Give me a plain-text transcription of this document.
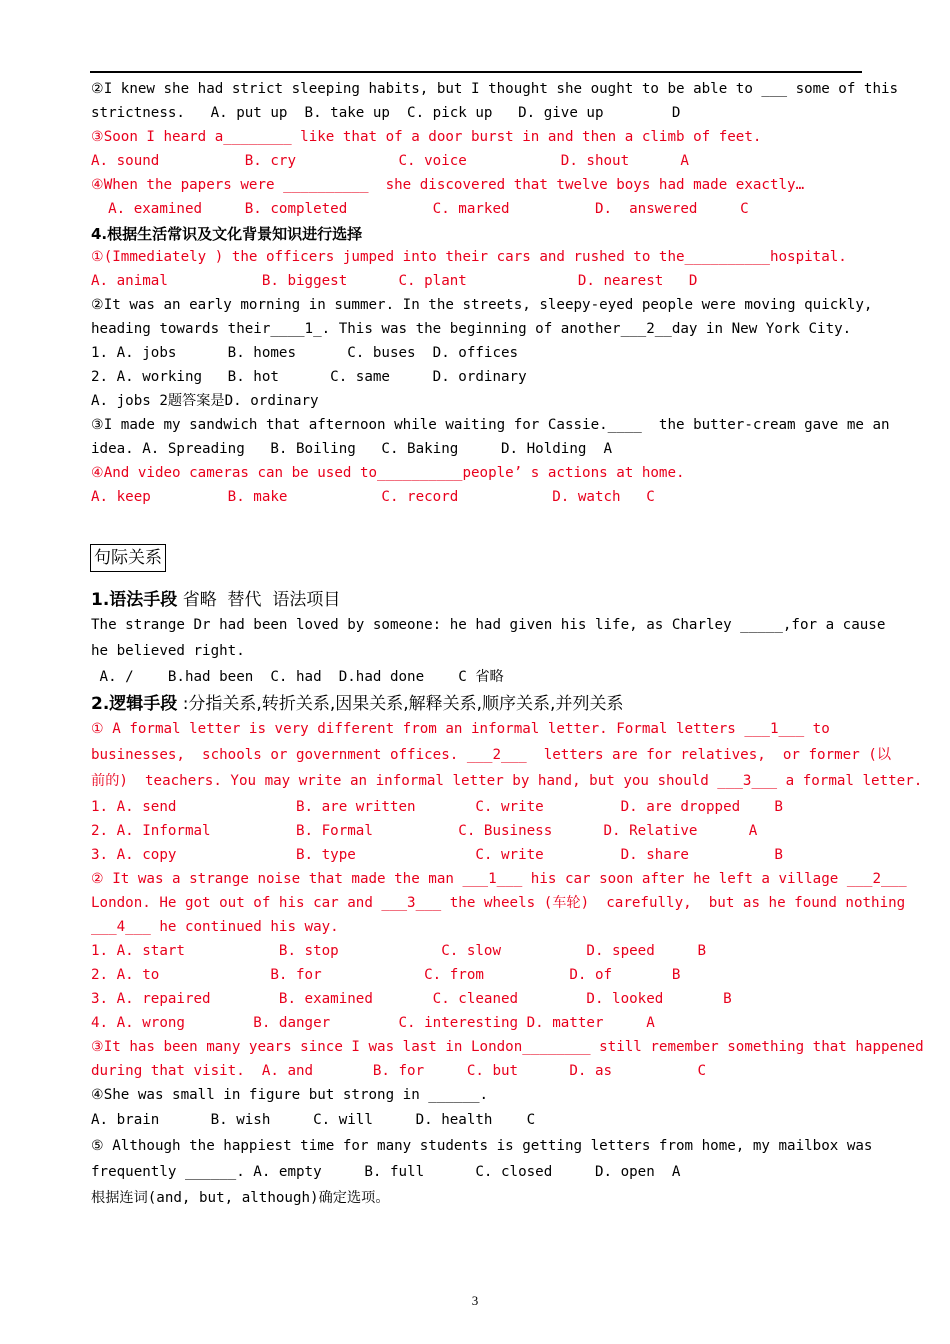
②I knew she had strict sleeping habits, but I thought she ought to be able to ___ some of this
strictness.   A. put up  B. take up  C. pick up   D. give up        D
③Soon I heard a________ like that of a door burst in and then a climb of feet.
A. sound          B. cry            C. voice           D. shout      A
④When the papers were __________  she discovered that twelve boys had made exactly…
A. examined     B. completed          C. marked          D.  answered     C
4.根据生活常识及文化背景知识进行选择
①(Immediately ) the officers jumped into their cars and rushed to the__________hospital.
A. animal           B. biggest      C. plant             D. nearest   D
②It was an early morning in summer. In the streets, sleepy-eyed people were moving quickly,
heading towards their____1_. This was the beginning of another___2__day in New York City.
1. A. jobs      B. homes      C. buses  D. offices
2. A. working   B. hot      C. same     D. ordinary
A. jobs 2题答案是D. ordinary
③I made my sandwich that afternoon while waiting for Cassie.____  the butter-cream gave me an
idea. A. Spreading   B. Boiling   C. Baking     D. Holding  A
④And video cameras can be used to__________people’ s actions at home.
A. keep         B. make           C. record           D. watch   C
句际关系
1.语法手段 省略  替代  语法项目
The strange Dr had been loved by someone: he had given his life, as Charley _____,for a cause
he believed right.
A. /    B.had been  C. had  D.had done    C 省略
2.逻辑手段 :分指关系,转折关系,因果关系,解释关系,顺序关系,并列关系
① A formal letter is very different from an informal letter. Formal letters ___1___ to
businesses,  schools or government offices. ___2___  letters are for relatives,  or former (以
前的)  teachers. You may write an informal letter by hand, but you should ___3___ a formal letter.
1. A. send              B. are written       C. write         D. are dropped    B
2. A. Informal          B. Formal          C. Business      D. Relative      A
3. A. copy              B. type              C. write         D. share          B
② It was a strange noise that made the man ___1___ his car soon after he left a village ___2___
London. He got out of his car and ___3___ the wheels (车轮)  carefully,  but as he found nothing
___4___ he continued his way.
1. A. start           B. stop            C. slow          D. speed     B
2. A. to             B. for            C. from          D. of       B
3. A. repaired        B. examined       C. cleaned        D. looked       B
4. A. wrong        B. danger        C. interesting D. matter     A
③It has been many years since I was last in London________ still remember something that happened
during that visit.  A. and       B. for     C. but      D. as          C
④She was small in figure but strong in ______.
A. brain      B. wish     C. will     D. health    C
⑤ Although the happiest time for many students is getting letters from home, my mailbox was
frequently ______. A. empty     B. full      C. closed     D. open  A
根据连词(and, but, although)确定选项。
3
